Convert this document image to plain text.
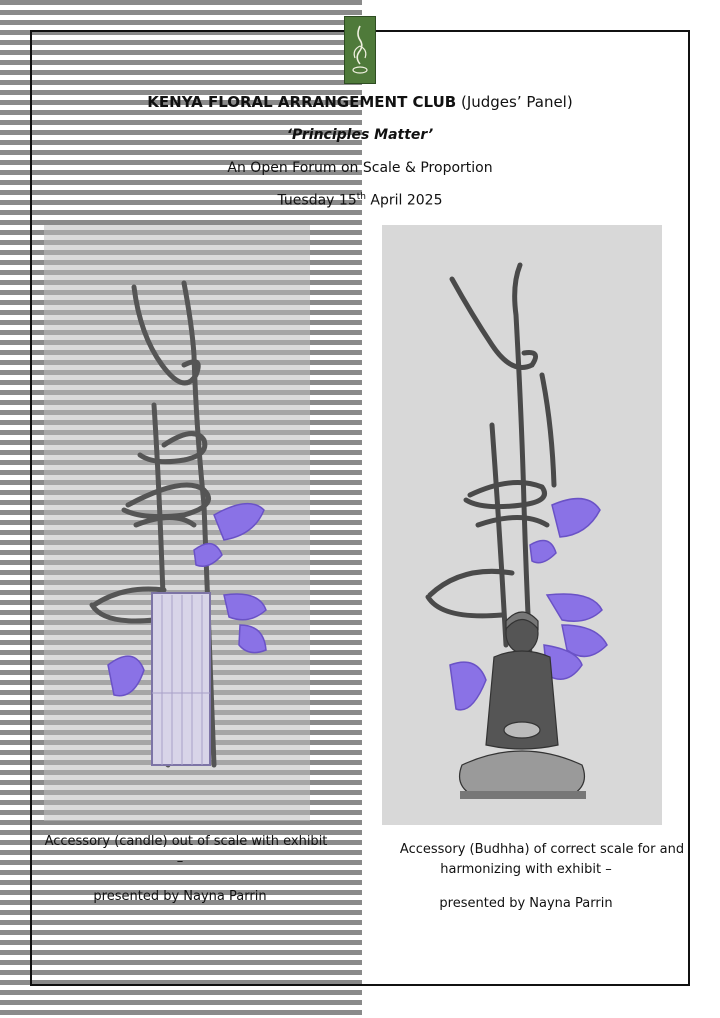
KENYA FLORAL ARRANGEMENT CLUB (Judges’ Panel)
‘Principles Matter’
An Open Forum on Scale & Proportion
Tuesday 15th April 2025
Accessory (candle) out of scale with exhibit
–
presented by Nayna Parrin
Accessory (Budhha) of correct scale for and
harmonizing with exhibit –
presented by Nayna Parrin
